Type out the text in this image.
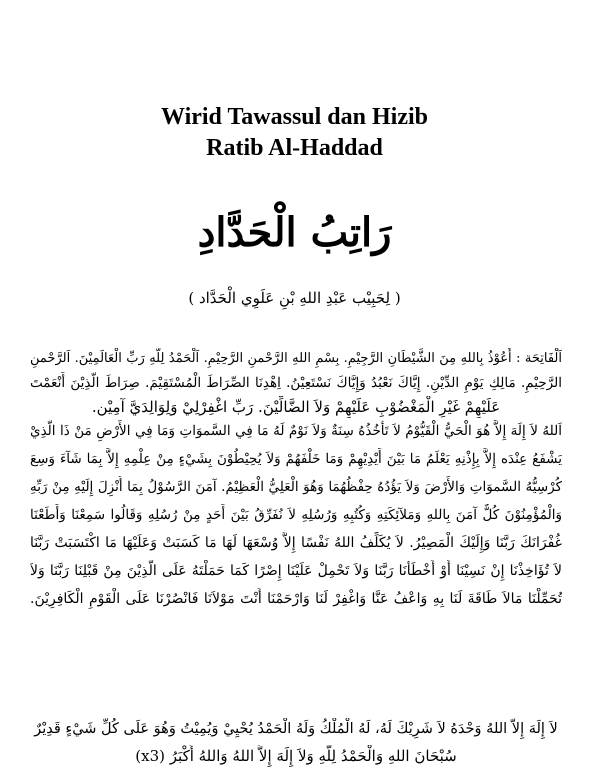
Wirid Tawassul dan Hizib
Ratib Al-Haddad
رَاتِبُ الْحَدَّادِ
( لِحَبِيْب عَبْدِ اللهِ بْنِ عَلَوِي الْحَدَّاد )
اَلْفَاتِحَة : أَعُوْذُ بِاللهِ مِنَ الشَّيْطَانِ الرَّجِيْمِ. بِسْمِ اللهِ الرَّحْمنِ الرَّحِيْمِ. اَلْحَمْدُ لِلّهِ رَبِّ الْعَالَمِيْنَ. اَلرَّحْمنِ
الرَّحِيْمِ. مَالِكِ يَوْمِ الدِّيْنِ. إِيَّاكَ نَعْبُدُ وَإِيَّاكَ نَسْتَعِيْنُ. اِهْدِنَا الصِّرَاطَ الْمُسْتَقِيْمَ. صِرَاطَ الَّذِيْنَ أَنْعَمْتَ
عَلَيْهِمْ غَيْرِ الْمَغْضُوْبِ عَلَيْهِمْ وَلاَ الضَّالِّيْنَ. رَبِّ اغْفِرْلِيْ وَلِوَالِدَيَّ آمِيْن.
اَللهُ لاَ إِلَهَ إِلاَّ هُوَ الْحَيُّ الْقَيُّوْمُ لاَ تَأْخُذُهُ سِنَةٌ وَلاَ نَوْمٌ لَهُ مَا فِي السَّموَاتِ وَمَا فِي الأَرْضِ مَنْ ذَا الَّذِيْ
يَشْفَعُ عِنْدَه إِلاَّ بِإِذْنِهِ يَعْلَمُ مَا بَيْنَ أَيْدِيْهِمْ وَمَا خَلْفَهُمْ وَلاَ يُحِيْطُوْنَ بِشَيْءٍ مِنْ عِلْمِهِ إِلاَّ بِمَا شَآءَ وَسِعَ
كُرْسِيُّهُ السَّموَاتِ وَالأَرْضَ وَلاَ يَؤُدُهُ حِفْظُهُمَا وَهُوَ الْعَلِيُّ الْعَظِيْمُ. آمَنَ الرَّسُوْلُ بِمَا أُنْزِلَ إِلَيْهِ مِنْ رَبِّهِ
وَالْمُؤْمِنُوْنَ كُلٌّ آمَنَ بِاللهِ وَمَلآئِكَتِهِ وَكُتُبِهِ وَرُسُلِهِ لاَ نُفَرِّقُ بَيْنَ أَحَدٍ مِنْ رُسُلِهِ وَقَالُوا سَمِعْنَا وَأَطَعْنَا
غُفْرَانَكَ رَبَّنَا وَإِلَيْكَ الْمَصِيْرُ. لاَ يُكَلِّفُ اللهُ نَفْسًا إِلاَّ وُسْعَهَا لَهَا مَا كَسَبَتْ وَعَلَيْهَا مَا اكْتَسَبَتْ رَبَّنَا
لاَ تُؤَاخِذْنَا إِنْ نَسِيْنَا أَوْ أَخْطَأْنَا رَبَّنَا وَلاَ تَحْمِلْ عَلَيْنَا إِصْرًا كَمَا حَمَلْتَهُ عَلَى الَّذِيْنَ مِنْ قَبْلِنَا رَبَّنَا وَلاَ
تُحَمِّلْنَا مَالاَ طَاقَةَ لَنَا بِهِ وَاعْفُ عَنَّا وَاغْفِرْ لَنَا وَارْحَمْنَا أَنْتَ مَوْلاَنَا فَانْصُرْنَا عَلَى الْقَوْمِ الْكَافِرِيْنَ.
لاَ إِلَهَ إِلاَّ اللهُ وَحْدَهُ لاَ شَرِيْكَ لَهُ، لَهُ الْمُلْكُ وَلَهُ الْحَمْدُ يُحْيِيْ وَيُمِيْتُ وَهُوَ عَلَى كُلِّ شَيْءٍ قَدِيْرٌ
سُبْحَانَ اللهِ وَالْحَمْدُ لِلّهِ وَلاَ إِلَهَ إِلاَّ اللهُ وَاللهُ أَكْبَرُ (x3)
